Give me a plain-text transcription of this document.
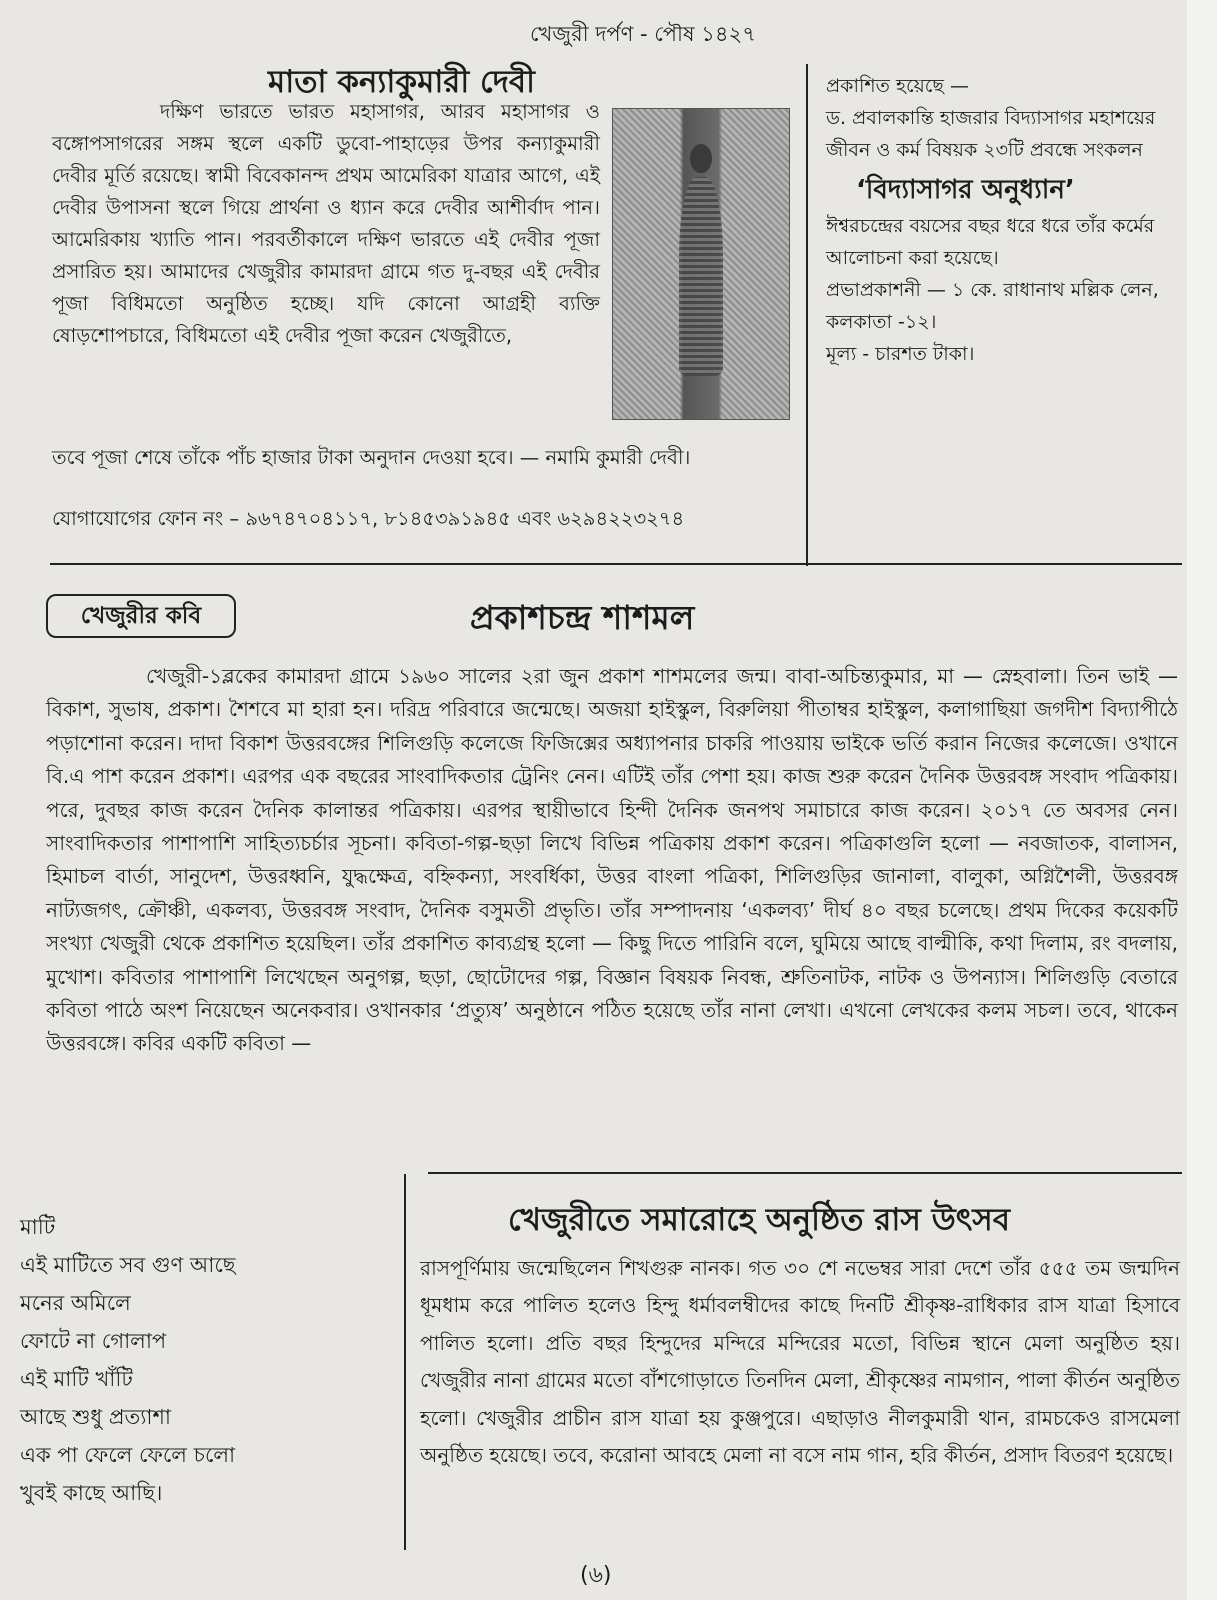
খেজুরী দর্পণ - পৌষ ১৪২৭
মাতা কন্যাকুমারী দেবী
দক্ষিণ ভারতে ভারত মহাসাগর, আরব মহাসাগর ও বঙ্গোপসাগরের সঙ্গম স্থলে একটি ডুবো-পাহাড়ের উপর কন্যাকুমারী দেবীর মূর্তি রয়েছে। স্বামী বিবেকানন্দ প্রথম আমেরিকা যাত্রার আগে, এই দেবীর উপাসনা স্থলে গিয়ে প্রার্থনা ও ধ্যান করে দেবীর আশীর্বাদ পান। আমেরিকায় খ্যাতি পান। পরবর্তীকালে দক্ষিণ ভারতে এই দেবীর পূজা প্রসারিত হয়। আমাদের খেজুরীর কামারদা গ্রামে গত দু-বছর এই দেবীর পূজা বিধিমতো অনুষ্ঠিত হচ্ছে। যদি কোনো আগ্রহী ব্যক্তি ষোড়শোপচারে, বিধিমতো এই দেবীর পূজা করেন খেজুরীতে,
তবে পূজা শেষে তাঁকে পাঁচ হাজার টাকা অনুদান দেওয়া হবে। — নমামি কুমারী দেবী।
যোগাযোগের ফোন নং – ৯৬৭৪৭০৪১১৭, ৮১৪৫৩৯১৯৪৫ এবং ৬২৯৪২২৩২৭৪
প্রকাশিত হয়েছে —
ড. প্রবালকান্তি হাজরার বিদ্যাসাগর মহাশয়ের জীবন ও কর্ম বিষয়ক ২৩টি প্রবন্ধে সংকলন
‘বিদ্যাসাগর অনুধ্যান’
ঈশ্বরচন্দ্রের বয়সের বছর ধরে ধরে তাঁর কর্মের আলোচনা করা হয়েছে।
প্রভাপ্রকাশনী — ১ কে. রাধানাথ মল্লিক লেন, কলকাতা -১২।
মূল্য - চারশত টাকা।
খেজুরীর কবি	প্রকাশচন্দ্র শাশমল
খেজুরী-১ব্লকের কামারদা গ্রামে ১৯৬০ সালের ২রা জুন প্রকাশ শাশমলের জন্ম। বাবা-অচিন্ত্যকুমার, মা — স্নেহবালা। তিন ভাই — বিকাশ, সুভাষ, প্রকাশ। শৈশবে মা হারা হন। দরিদ্র পরিবারে জন্মেছে। অজয়া হাইস্কুল, বিরুলিয়া পীতাম্বর হাইস্কুল, কলাগাছিয়া জগদীশ বিদ্যাপীঠে পড়াশোনা করেন। দাদা বিকাশ উত্তরবঙ্গের শিলিগুড়ি কলেজে ফিজিক্সের অধ্যাপনার চাকরি পাওয়ায় ভাইকে ভর্তি করান নিজের কলেজে। ওখানে বি.এ পাশ করেন প্রকাশ। এরপর এক বছরের সাংবাদিকতার ট্রেনিং নেন। এটিই তাঁর পেশা হয়। কাজ শুরু করেন দৈনিক উত্তরবঙ্গ সংবাদ পত্রিকায়। পরে, দুবছর কাজ করেন দৈনিক কালান্তর পত্রিকায়। এরপর স্থায়ীভাবে হিন্দী দৈনিক জনপথ সমাচারে কাজ করেন। ২০১৭ তে অবসর নেন। সাংবাদিকতার পাশাপাশি সাহিত্যচর্চার সূচনা। কবিতা-গল্প-ছড়া লিখে বিভিন্ন পত্রিকায় প্রকাশ করেন। পত্রিকাগুলি হলো — নবজাতক, বালাসন, হিমাচল বার্তা, সানুদেশ, উত্তরধ্বনি, যুদ্ধক্ষেত্র, বহ্নিকন্যা, সংবর্ধিকা, উত্তর বাংলা পত্রিকা, শিলিগুড়ির জানালা, বালুকা, অগ্নিশৈলী, উত্তরবঙ্গ নাট্যজগৎ, ক্রৌঞ্চী, একলব্য, উত্তরবঙ্গ সংবাদ, দৈনিক বসুমতী প্রভৃতি। তাঁর সম্পাদনায় ‘একলব্য’ দীর্ঘ ৪০ বছর চলেছে। প্রথম দিকের কয়েকটি সংখ্যা খেজুরী থেকে প্রকাশিত হয়েছিল। তাঁর প্রকাশিত কাব্যগ্রন্থ হলো — কিছু দিতে পারিনি বলে, ঘুমিয়ে আছে বাল্মীকি, কথা দিলাম, রং বদলায়, মুখোশ। কবিতার পাশাপাশি লিখেছেন অনুগল্প, ছড়া, ছোটোদের গল্প, বিজ্ঞান বিষয়ক নিবন্ধ, শ্রুতিনাটক, নাটক ও উপন্যাস। শিলিগুড়ি বেতারে কবিতা পাঠে অংশ নিয়েছেন অনেকবার। ওখানকার ‘প্রত্যুষ’ অনুষ্ঠানে পঠিত হয়েছে তাঁর নানা লেখা। এখনো লেখকের কলম সচল। তবে, থাকেন উত্তরবঙ্গে। কবির একটি কবিতা —
মাটি
এই মাটিতে সব গুণ আছে
মনের অমিলে
ফোটে না গোলাপ
এই মাটি খাঁটি
আছে শুধু প্রত্যাশা
এক পা ফেলে ফেলে চলো
খুবই কাছে আছি।
খেজুরীতে সমারোহে অনুষ্ঠিত রাস উৎসব
রাসপূর্ণিমায় জন্মেছিলেন শিখগুরু নানক। গত ৩০ শে নভেম্বর সারা দেশে তাঁর ৫৫৫ তম জন্মদিন ধূমধাম করে পালিত হলেও হিন্দু ধর্মাবলম্বীদের কাছে দিনটি শ্রীকৃষ্ণ-রাধিকার রাস যাত্রা হিসাবে পালিত হলো। প্রতি বছর হিন্দুদের মন্দিরে মন্দিরের মতো, বিভিন্ন স্থানে মেলা অনুষ্ঠিত হয়। খেজুরীর নানা গ্রামের মতো বাঁশগোড়াতে তিনদিন মেলা, শ্রীকৃষ্ণের নামগান, পালা কীর্তন অনুষ্ঠিত হলো। খেজুরীর প্রাচীন রাস যাত্রা হয় কুঞ্জপুরে। এছাড়াও নীলকুমারী থান, রামচকেও রাসমেলা অনুষ্ঠিত হয়েছে। তবে, করোনা আবহে মেলা না বসে নাম গান, হরি কীর্তন, প্রসাদ বিতরণ হয়েছে।
(৬)
